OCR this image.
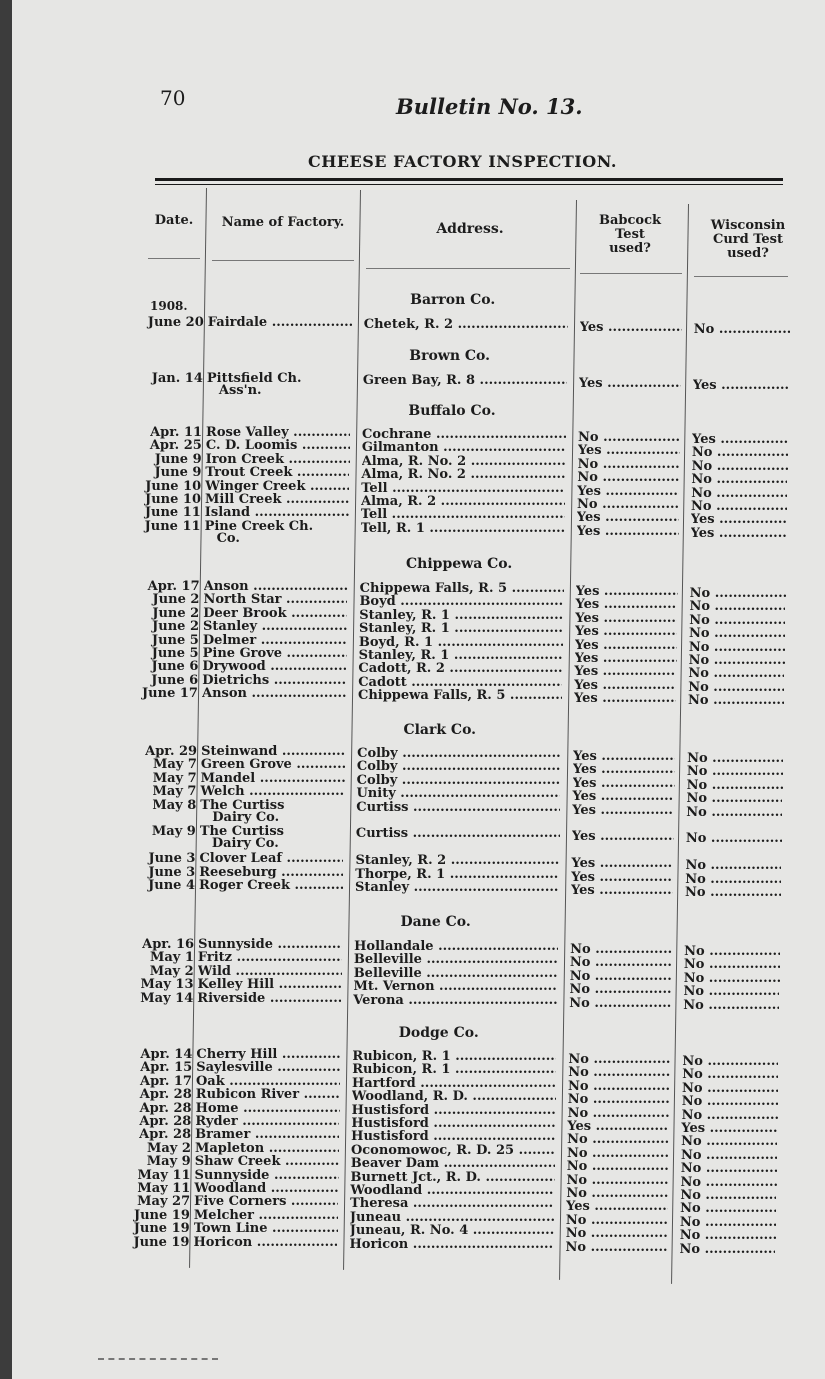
70	Bulletin No. 13.
CHEESE FACTORY INSPECTION.
Date.	Name of Factory.	Address.
Babcock
Test
used?
Wisconsin
Curd Test
used?
1908.	Barron Co.
June 20 Fairdale .....	Chetek, R. 2 .....	Yes .....	No .....
Brown Co.
Jan. 14 Pittsfield Ch.
Ass'n.
Green Bay, R. 8 .....	Yes .....	Yes .....
Buffalo Co.
Apr. 11 Rose Valley .....	Cochrane .....	No .....	Yes .....
Apr. 25 C. D. Loomis .....	Gilmanton .....	Yes .....	No .....
June 9 Iron Creek .....	Alma, R. No. 2 .....	No .....	No .....
June 9 Trout Creek .....	Alma, R. No. 2 .....	No .....	No .....
June 10 Winger Creek .....	Tell .....	Yes .....	No .....
June 10 Mill Creek .....	Alma, R. 2 .....	No .....	No .....
June 11 Island .....	Tell .....	Yes .....	Yes .....
June 11 Pine Creek Ch.
Co.
Tell, R. 1 .....	Yes .....	Yes .....
Chippewa Co.
Apr. 17 Anson .....	Chippewa Falls, R. 5 .....	Yes .....	No .....
June 2 North Star .....	Boyd .....	Yes .....	No .....
June 2 Deer Brook .....	Stanley, R. 1 .....	Yes .....	No .....
June 2 Stanley .....	Stanley, R. 1 .....	Yes .....	No .....
June 5 Delmer .....	Boyd, R. 1 .....	Yes .....	No .....
June 5 Pine Grove .....	Stanley, R. 1 .....	Yes .....	No .....
June 6 Drywood .....	Cadott, R. 2 .....	Yes .....	No .....
June 6 Dietrichs .....	Cadott .....	Yes .....	No .....
June 17 Anson .....	Chippewa Falls, R. 5 .....	Yes .....	No .....
Clark Co.
Apr. 29 Steinwand .....	Colby .....	Yes .....	No .....
May 7 Green Grove .....	Colby .....	Yes .....	No .....
May 7 Mandel .....	Colby .....	Yes .....	No .....
May 7 Welch .....	Unity .....	Yes .....	No .....
May 8 The Curtiss
Dairy Co.
Curtiss .....	Yes .....	No .....
May 9 The Curtiss
Dairy Co.
Curtiss .....	Yes .....	No .....
June 3 Clover Leaf .....	Stanley, R. 2 .....	Yes .....	No .....
June 3 Reeseburg .....	Thorpe, R. 1 .....	Yes .....	No .....
June 4 Roger Creek .....	Stanley .....	Yes .....	No .....
Dane Co.
Apr. 16 Sunnyside .....	Hollandale .....	No .....	No .....
May 1 Fritz .....	Belleville .....	No .....	No .....
May 2 Wild .....	Belleville .....	No .....	No .....
May 13 Kelley Hill .....	Mt. Vernon .....	No .....	No .....
May 14 Riverside .....	Verona .....	No .....	No .....
Dodge Co.
Apr. 14 Cherry Hill .....	Rubicon, R. 1 .....	No .....	No .....
Apr. 15 Saylesville .....	Rubicon, R. 1 .....	No .....	No .....
Apr. 17 Oak .....	Hartford .....	No .....	No .....
Apr. 28 Rubicon River .....	Woodland, R. D. .....	No .....	No .....
Apr. 28 Home .....	Hustisford .....	No .....	No .....
Apr. 28 Ryder .....	Hustisford .....	Yes .....	Yes .....
Apr. 28 Bramer .....	Hustisford .....	No .....	No .....
May 2 Mapleton .....	Oconomowoc, R. D. 25 .....	No .....	No .....
May 9 Shaw Creek .....	Beaver Dam .....	No .....	No .....
May 11 Sunnyside .....	Burnett Jct., R. D. .....	No .....	No .....
May 11 Woodland .....	Woodland .....	No .....	No .....
May 27 Five Corners .....	Theresa .....	Yes .....	No .....
June 19 Melcher .....	Juneau .....	No .....	No .....
June 19 Town Line .....	Juneau, R. No. 4 .....	No .....	No .....
June 19 Horicon .....	Horicon .....	No .....	No .....
